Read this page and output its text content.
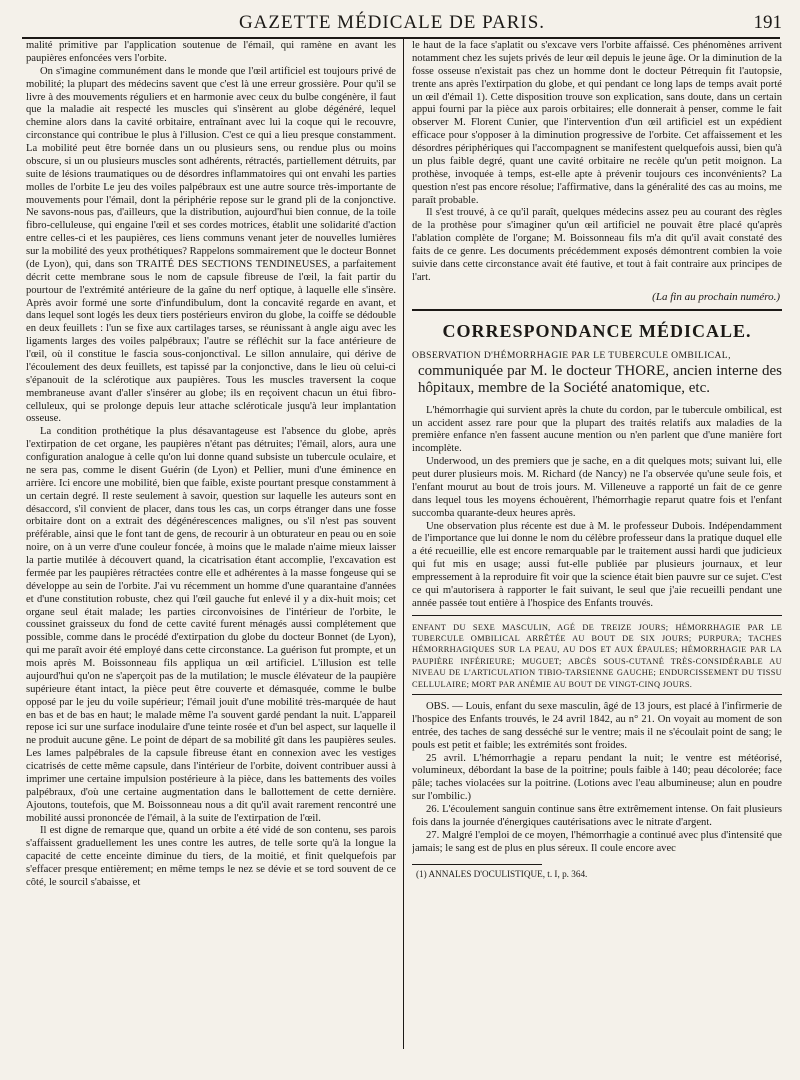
GAZETTE MÉDICALE DE PARIS.	191

malité primitive par l'application soutenue de l'émail, qui ramène en avant les paupières enfoncées vers l'orbite.

On s'imagine communément dans le monde que l'œil artificiel est toujours privé de mobilité; la plupart des médecins savent que c'est là une erreur grossière. Pour qu'il se livre à des mouvements réguliers et en harmonie avec ceux du bulbe congénère, il faut que la maladie ait respecté les muscles qui s'insèrent au globe dégénéré, lequel chemine alors dans la cavité orbitaire, entraînant avec lui la coque qui le recouvre, circonstance qui contribue le plus à l'illusion. C'est ce qui a lieu presque constamment. La mobilité peut être bornée dans un ou plusieurs sens, ou rendue plus ou moins obscure, si un ou plusieurs muscles sont adhérents, rétractés, partiellement détruits, par suite de lésions traumatiques ou de désordres inflammatoires qui ont envahi les parties molles de l'orbite Le jeu des voiles palpébraux est une autre source très-importante de mouvements pour l'émail, dont la périphérie repose sur le grand pli de la conjonctive. Ne savons-nous pas, d'ailleurs, que la distribution, aujourd'hui bien connue, de la toile fibro-celluleuse, qui engaine l'œil et ses cordes motrices, établit une solidarité d'action entre celles-ci et les paupières, ces liens communs venant jeter de nouvelles lumières sur la mobilité des yeux prothétiques? Rappelons sommairement que le docteur Bonnet (de Lyon), qui, dans son TRAITÉ DES SECTIONS TENDINEUSES, a parfaitement décrit cette membrane sous le nom de capsule fibreuse de l'œil, la fait partir du pourtour de l'extrémité antérieure de la gaîne du nerf optique, à laquelle elle s'insère. Après avoir formé une sorte d'infundibulum, dont la concavité regarde en avant, et dans lequel sont logés les deux tiers postérieurs environ du globe, la coiffe se dédouble en deux feuillets : l'un se fixe aux cartilages tarses, se réunissant à angle aigu avec les ligaments larges des voiles palpébraux; l'autre se réfléchit sur la face antérieure de l'œil, où il constitue le fascia sous-conjonctival. Le sillon annulaire, qui dérive de l'écoulement des deux feuillets, est tapissé par la conjonctive, dans le lieu où celui-ci s'épanouit de la sclérotique aux paupières. Tous les muscles traversent la coque membraneuse avant d'aller s'insérer au globe; ils en reçoivent chacun un étui fibro-celluleux, qui se prolonge depuis leur attache scléroticale jusqu'à leur implantation osseuse.

La condition prothétique la plus désavantageuse est l'absence du globe, après l'extirpation de cet organe, les paupières n'étant pas détruites; l'émail, alors, aura une configuration analogue à celle qu'on lui donne quand subsiste un tubercule oculaire, et ne sera pas, comme le disent Guérin (de Lyon) et Pellier, muni d'une éminence en arrière. Ici encore une mobilité, bien que faible, existe pourtant presque constamment à un certain degré. Il reste seulement à savoir, question sur laquelle les auteurs sont en désaccord, s'il convient de placer, dans tous les cas, un corps étranger dans une fosse orbitaire dont on a extrait des dégénérescences malignes, ou s'il n'est pas souvent préférable, ainsi que le font tant de gens, de recourir à un obturateur en peau ou en soie noire, on à un verre d'une couleur foncée, à moins que le malade n'aime mieux laisser la partie mutilée à découvert quand, la cicatrisation étant accomplie, l'excavation est fermée par les paupières rétractées contre elle et adhérentes à la masse fongeuse qui se développe au sein de l'orbite. J'ai vu récemment un homme d'une quarantaine d'années et d'une constitution robuste, chez qui l'œil gauche fut enlevé il y a dix-huit mois; cet organe seul était malade; les parties circonvoisines de l'intérieur de l'orbite, le coussinet graisseux du fond de cette cavité furent ménagés aussi complétement que possible, comme dans le procédé d'extirpation du globe du docteur Bonnet (de Lyon), qui me paraît avoir été employé dans cette circonstance. La guérison fut prompte, et un mois après M. Boissonneau fils appliqua un œil artificiel. L'illusion est telle aujourd'hui qu'on ne s'aperçoit pas de la mutilation; le muscle élévateur de la paupière supérieure étant intact, la pièce peut être couverte et démasquée, comme le bulbe opposé par le jeu du voile supérieur; l'émail jouit d'une mobilité très-marquée de haut en bas et de bas en haut; le malade même l'a souvent gardé pendant la nuit. L'appareil repose ici sur une surface inodulaire d'une teinte rosée et d'un bel aspect, sur laquelle il ne produit aucune gêne. Le point de départ de sa mobilité gît dans les paupières seules. Les lames palpébrales de la capsule fibreuse étant en connexion avec les vestiges cicatrisés de cette même capsule, dans l'intérieur de l'orbite, doivent contribuer aussi à imprimer une certaine impulsion postérieure à la pièce, dans les battements des voiles palpébraux, d'où une certaine augmentation dans le ballottement de cette dernière. Ajoutons, toutefois, que M. Boissonneau nous a dit qu'il avait rarement rencontré une mobilité aussi prononcée de l'émail, à la suite de l'extirpation de l'œil.

Il est digne de remarque que, quand un orbite a été vidé de son contenu, ses parois s'affaissent graduellement les unes contre les autres, de telle sorte qu'à la longue la capacité de cette enceinte diminue du tiers, de la moitié, et finit quelquefois par s'effacer presque entièrement; en même temps le nez se dévie et se tord souvent de ce côté, le sourcil s'abaisse, et

le haut de la face s'aplatit ou s'excave vers l'orbite affaissé. Ces phénomènes arrivent notamment chez les sujets privés de leur œil depuis le jeune âge. Or la diminution de la fosse osseuse n'existait pas chez un homme dont le docteur Pétrequin fit l'autopsie, trente ans après l'extirpation du globe, et qui pendant ce long laps de temps avait porté un œil d'émail 1). Cette disposition trouve son explication, sans doute, dans un certain appui fourni par la pièce aux parois orbitaires; elle donnerait à penser, comme le fait observer M. Florent Cunier, que l'intervention d'un œil artificiel est un expédient efficace pour s'opposer à la diminution progressive de l'orbite. Cet affaissement et les désordres périphériques qui l'accompagnent se manifestent quelquefois aussi, bien qu'à un plus faible degré, quant une cavité orbitaire ne recèle qu'un petit moignon. La prothèse, invoquée à temps, est-elle apte à prévenir toujours ces inconvénients? La question n'est pas encore résolue; l'affirmative, dans la généralité des cas au moins, me paraît probable.

Il s'est trouvé, à ce qu'il paraît, quelques médecins assez peu au courant des règles de la prothèse pour s'imaginer qu'un œil artificiel ne pouvait être placé qu'après l'ablation complète de l'organe; M. Boissonneau fils m'a dit qu'il avait constaté des faits de ce genre. Les documents précédemment exposés démontrent combien la voie suivie dans cette circonstance avait été fautive, et tout à fait contraire aux principes de l'art.

(La fin au prochain numéro.)
CORRESPONDANCE MÉDICALE.
OBSERVATION D'HÉMORRHAGIE PAR LE TUBERCULE OMBILICAL,
communiquée par M. le docteur THORE, ancien interne des hôpitaux, membre de la Société anatomique, etc.

L'hémorrhagie qui survient après la chute du cordon, par le tubercule ombilical, est un accident assez rare pour que la plupart des traités relatifs aux maladies de la première enfance n'en fassent aucune mention ou n'en parlent que d'une manière fort incomplète.

Underwood, un des premiers que je sache, en a dit quelques mots; suivant lui, elle peut durer plusieurs mois. M. Richard (de Nancy) ne l'a observée qu'une seule fois, et l'enfant mourut au bout de trois jours. M. Villeneuve a rapporté un fait de ce genre dans lequel tous les moyens échouèrent, l'hémorrhagie reparut quatre fois et l'enfant succomba quarante-deux heures après.

Une observation plus récente est due à M. le professeur Dubois. Indépendamment de l'importance que lui donne le nom du célèbre professeur dans la pratique duquel elle a été recueillie, elle est encore remarquable par le traitement aussi hardi que judicieux qui fut mis en usage; aussi fut-elle publiée par plusieurs journaux, et leur empressement à la reproduire fit voir que la science était bien pauvre sur ce sujet. C'est ce qui m'autorisera à rapporter le fait suivant, le seul que j'aie recueilli pendant une année passée tout entière à l'hospice des Enfants trouvés.

ENFANT DU SEXE MASCULIN, AGÉ DE TREIZE JOURS; HÉMORRHAGIE PAR LE TUBERCULE OMBILICAL ARRÊTÉE AU BOUT DE SIX JOURS; PURPURA; TACHES HÉMORRHAGIQUES SUR LA PEAU, AU DOS ET AUX ÉPAULES; HÉMORRHAGIE PAR LA PAUPIÈRE INFÉRIEURE; MUGUET; ABCÈS SOUS-CUTANÉ TRÈS-CONSIDÉRABLE AU NIVEAU DE L'ARTICULATION TIBIO-TARSIENNE GAUCHE; ENDURCISSEMENT DU TISSU CELLULAIRE; MORT PAR ANÉMIE AU BOUT DE VINGT-CINQ JOURS.

OBS. — Louis, enfant du sexe masculin, âgé de 13 jours, est placé à l'infirmerie de l'hospice des Enfants trouvés, le 24 avril 1842, au n° 21. On voyait au moment de son entrée, des taches de sang desséché sur le ventre; mais il ne s'écoulait point de sang; le pouls est petit et faible; les extrémités sont froides.

25 avril. L'hémorrhagie a reparu pendant la nuit; le ventre est météorisé, volumineux, débordant la base de la poitrine; pouls faible à 140; peau décolorée; face pâle; taches violacées sur la poitrine. (Lotions avec l'eau albumineuse; alun en poudre sur l'ombilic.)

26. L'écoulement sanguin continue sans être extrêmement intense. On fait plusieurs fois dans la journée d'énergiques cautérisations avec le nitrate d'argent.

27. Malgré l'emploi de ce moyen, l'hémorrhagie a continué avec plus d'intensité que jamais; le sang est de plus en plus séreux. Il coule encore avec

(1) ANNALES D'OCULISTIQUE, t. I, p. 364.
